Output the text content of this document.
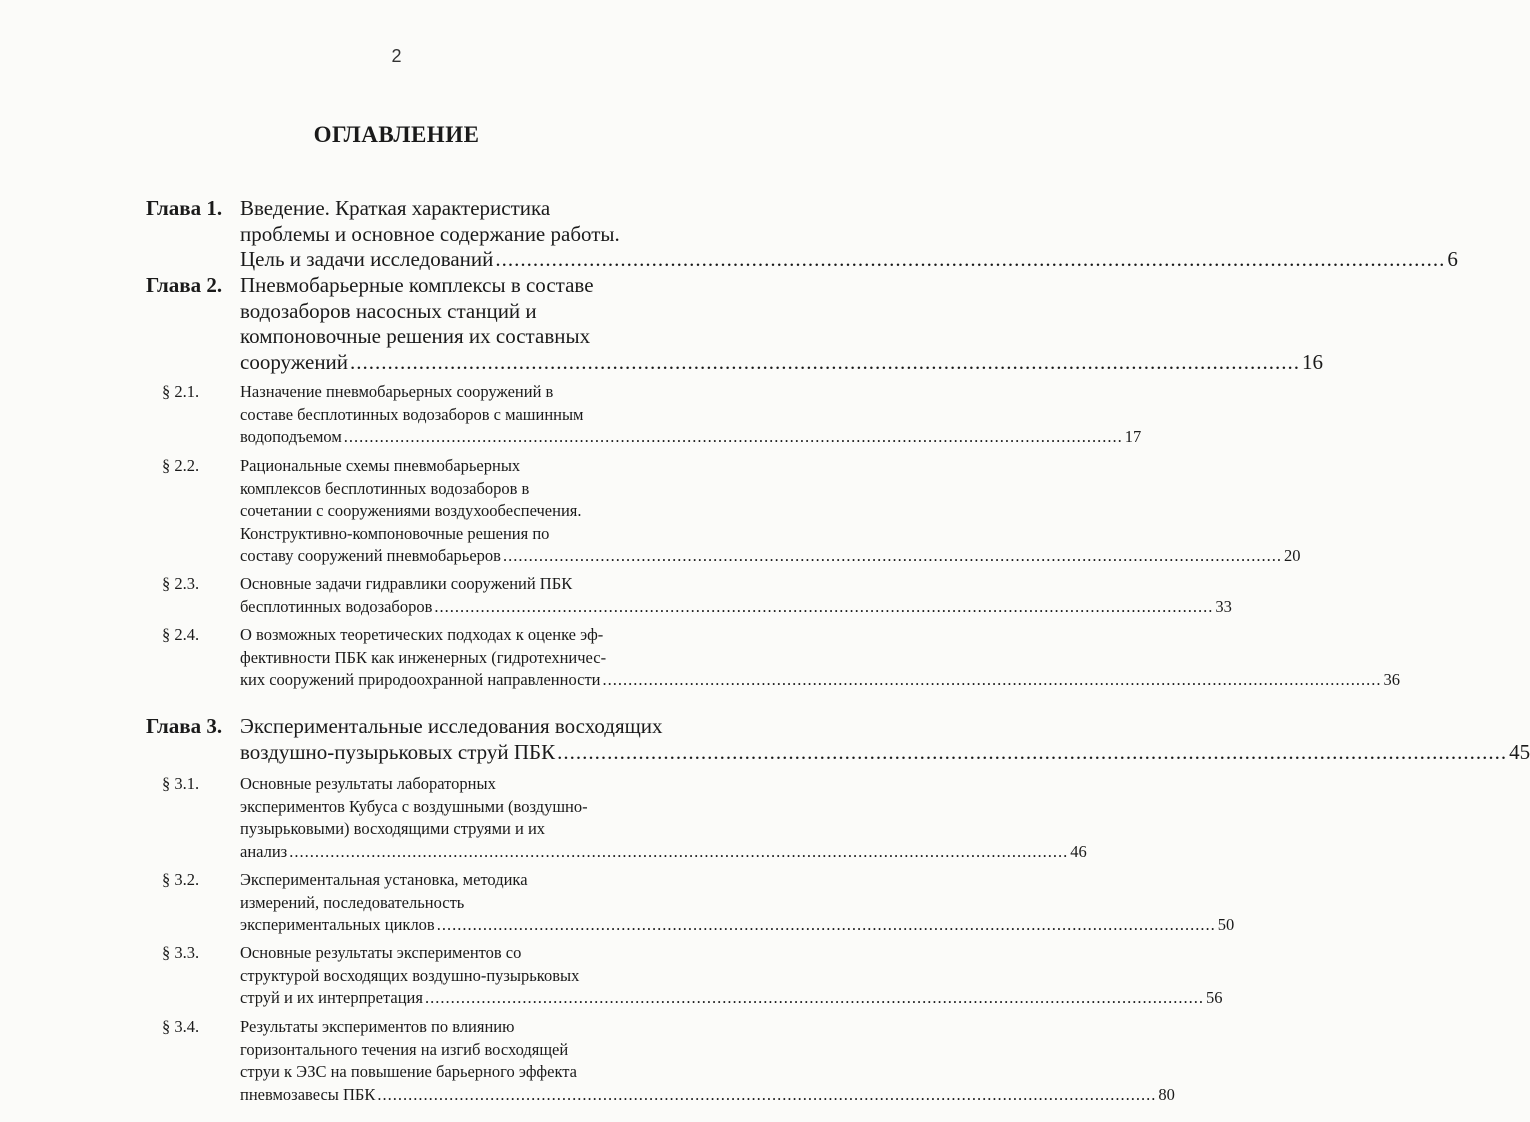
2
ОГЛАВЛЕНИЕ
Глава 1. Введение. Краткая характеристика
проблемы и основное содержание работы.
Цель и задачи исследований .....	6
Глава 2. Пневмобарьерные комплексы в составе
водозаборов насосных станций и
компоновочные решения их составных
сооружений .....	16
§ 2.1.	Назначение пневмобарьерных сооружений в
составе бесплотинных водозаборов с машинным
водоподъемом .....	17
§ 2.2.	Рациональные схемы пневмобарьерных
комплексов бесплотинных водозаборов в
сочетании с сооружениями воздухообеспечения.
Конструктивно-компоновочные решения по
составу сооружений пневмобарьеров .....	20
§ 2.3.	Основные задачи гидравлики сооружений ПБК
бесплотинных водозаборов .....	33
§ 2.4.	О возможных теоретических подходах к оценке эф-
фективности ПБК как инженерных (гидротехничес-
ких сооружений природоохранной направленности .....	36
Глава 3. Экспериментальные исследования восходящих
воздушно-пузырьковых струй ПБК .....	45
§ 3.1.	Основные результаты лабораторных
экспериментов Кубуса с воздушными (воздушно-
пузырьковыми) восходящими струями и их
анализ .....	46
§ 3.2.	Экспериментальная установка, методика
измерений, последовательность
экспериментальных циклов .....	50
§ 3.3.	Основные результаты экспериментов со
структурой восходящих воздушно-пузырьковых
струй и их интерпретация .....	56
§ 3.4.	Результаты экспериментов по влиянию
горизонтального течения на изгиб восходящей
струи к ЭЗС на повышение барьерного эффекта
пневмозавесы ПБК .....	80
